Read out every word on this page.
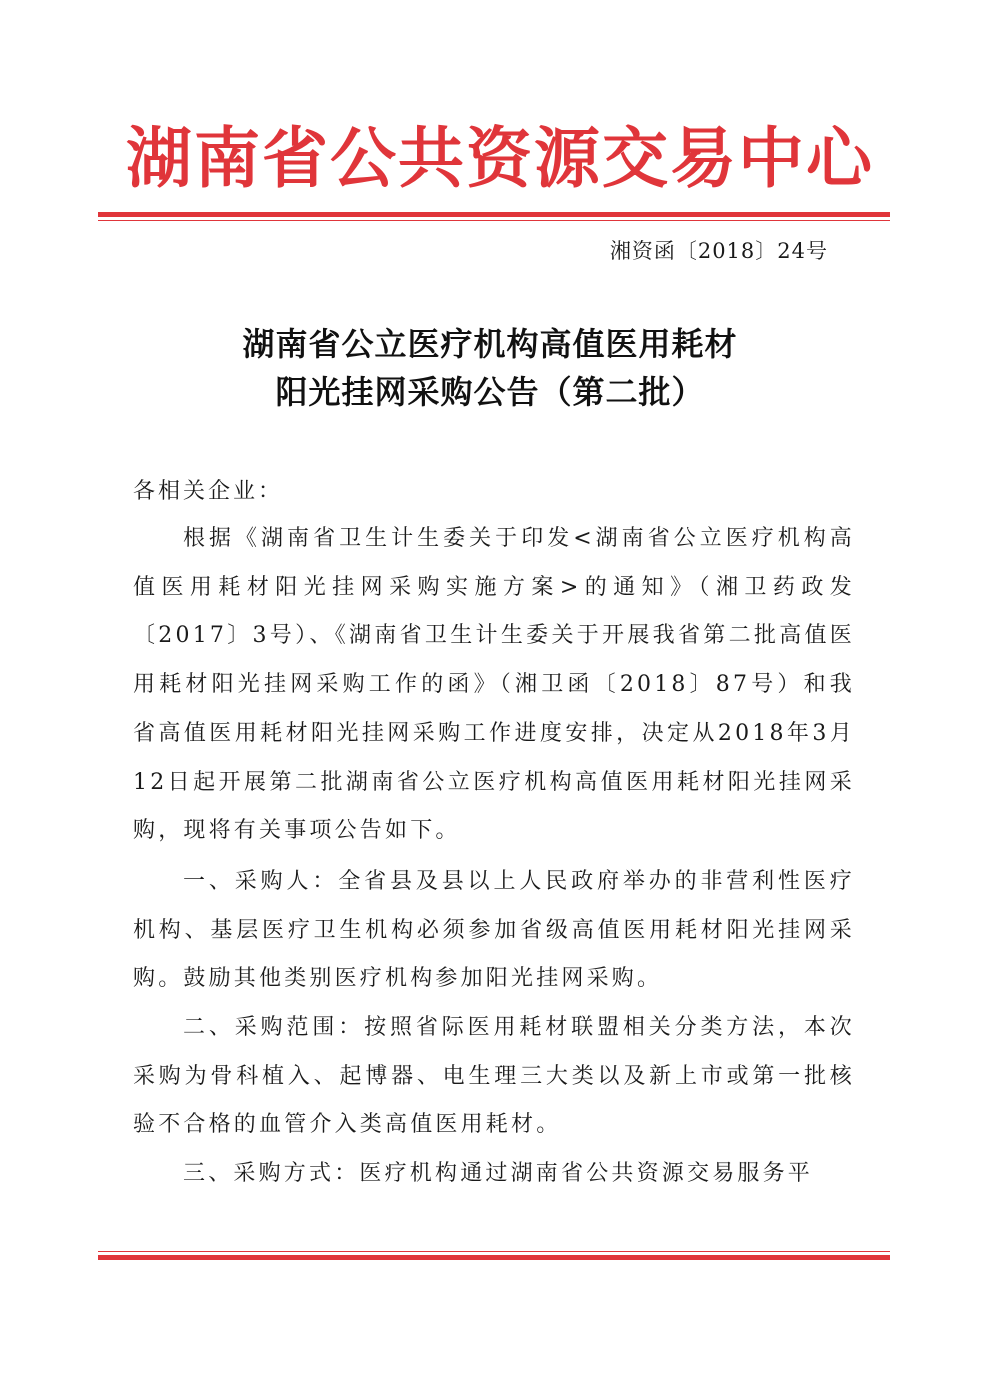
湖南省公共资源交易中心
湘资函〔2018〕24号
湖南省公立医疗机构高值医用耗材
阳光挂网采购公告（第二批）
各相关企业：
根据《湖南省卫生计生委关于印发<湖南省公立医疗机构高值医用耗材阳光挂网采购实施方案>的通知》（湘卫药政发〔2017〕3号）、《湖南省卫生计生委关于开展我省第二批高值医用耗材阳光挂网采购工作的函》（湘卫函〔2018〕87号）和我省高值医用耗材阳光挂网采购工作进度安排，决定从2018年3月12日起开展第二批湖南省公立医疗机构高值医用耗材阳光挂网采购，现将有关事项公告如下。
一、采购人：全省县及县以上人民政府举办的非营利性医疗机构、基层医疗卫生机构必须参加省级高值医用耗材阳光挂网采购。鼓励其他类别医疗机构参加阳光挂网采购。
二、采购范围：按照省际医用耗材联盟相关分类方法，本次采购为骨科植入、起博器、电生理三大类以及新上市或第一批核验不合格的血管介入类高值医用耗材。
三、采购方式：医疗机构通过湖南省公共资源交易服务平
